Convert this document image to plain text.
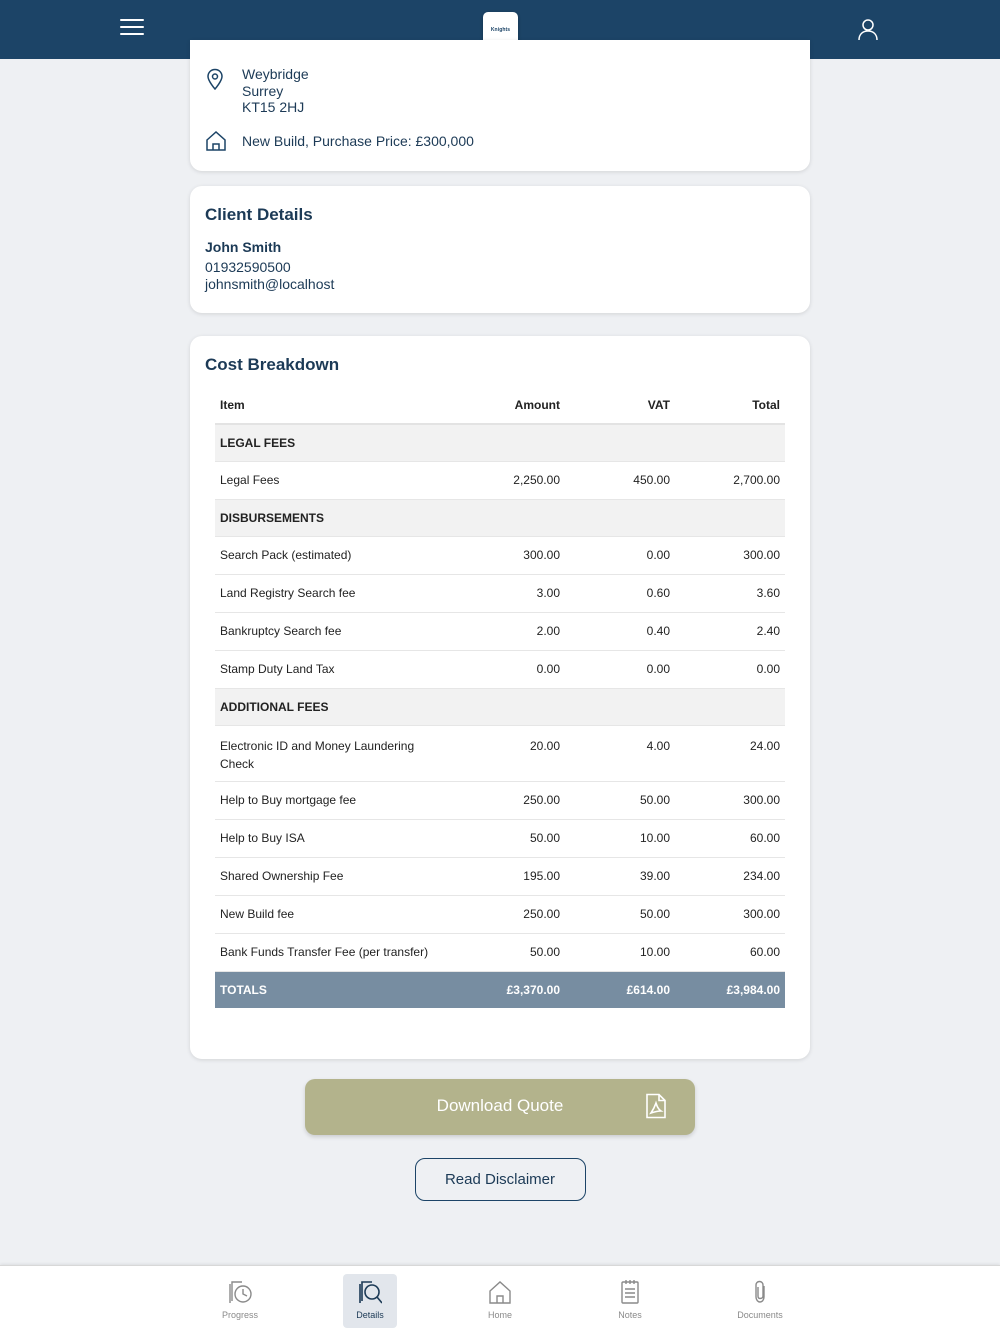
Knights
Weybridge
Surrey
KT15 2HJ
New Build, Purchase Price: £300,000
Client Details
John Smith
01932590500
johnsmith@localhost
Cost Breakdown
Item	Amount	VAT	Total
LEGAL FEES			
Legal Fees	2,250.00	450.00	2,700.00
DISBURSEMENTS			
Search Pack (estimated)	300.00	0.00	300.00
Land Registry Search fee	3.00	0.60	3.60
Bankruptcy Search fee	2.00	0.40	2.40
Stamp Duty Land Tax	0.00	0.00	0.00
ADDITIONAL FEES			
Electronic ID and Money Laundering Check	20.00	4.00	24.00
Help to Buy mortgage fee	250.00	50.00	300.00
Help to Buy ISA	50.00	10.00	60.00
Shared Ownership Fee	195.00	39.00	234.00
New Build fee	250.00	50.00	300.00
Bank Funds Transfer Fee (per transfer)	50.00	10.00	60.00
TOTALS	£3,370.00	£614.00	£3,984.00
Download Quote
Read Disclaimer
Progress	Details	Home	Notes	Documents
